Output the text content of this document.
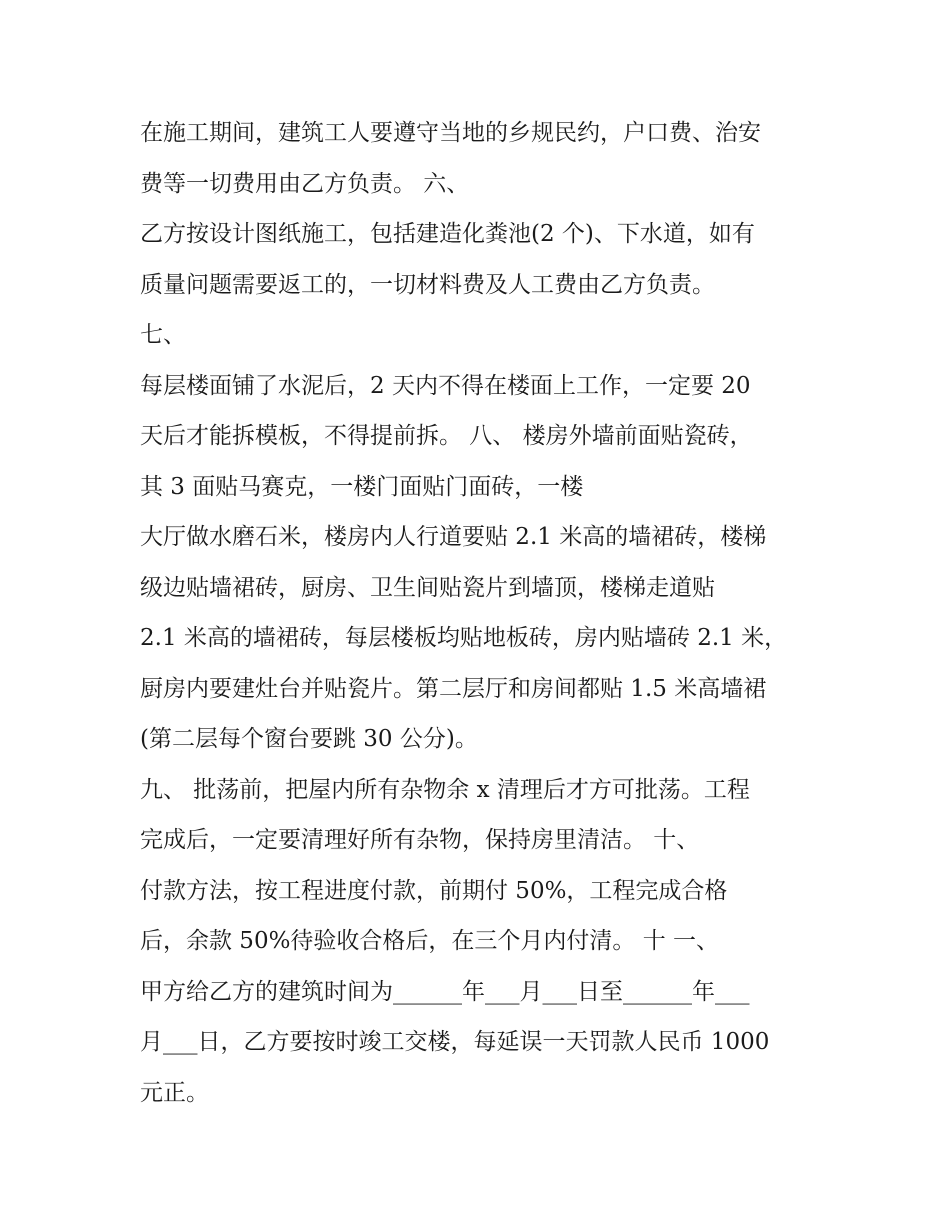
在施工期间，建筑工人要遵守当地的乡规民约，户口费、治安
费等一切费用由乙方负责。 六、
乙方按设计图纸施工，包括建造化粪池(2 个)、下水道，如有
质量问题需要返工的，一切材料费及人工费由乙方负责。
七、
每层楼面铺了水泥后，2 天内不得在楼面上工作，一定要 20
天后才能拆模板，不得提前拆。 八、 楼房外墙前面贴瓷砖，
其 3 面贴马赛克，一楼门面贴门面砖，一楼
大厅做水磨石米，楼房内人行道要贴 2.1 米高的墙裙砖，楼梯
级边贴墙裙砖，厨房、卫生间贴瓷片到墙顶，楼梯走道贴
2.1 米高的墙裙砖，每层楼板均贴地板砖，房内贴墙砖 2.1 米，
厨房内要建灶台并贴瓷片。第二层厅和房间都贴 1.5 米高墙裙
(第二层每个窗台要跳 30 公分)。
九、 批荡前，把屋内所有杂物余 x 清理后才方可批荡。工程
完成后，一定要清理好所有杂物，保持房里清洁。 十、
付款方法，按工程进度付款，前期付 50%，工程完成合格
后，余款 50%待验收合格后，在三个月内付清。 十 一、
甲方给乙方的建筑时间为______年___月___日至______年___
月___日，乙方要按时竣工交楼，每延误一天罚款人民币 1000
元正。
